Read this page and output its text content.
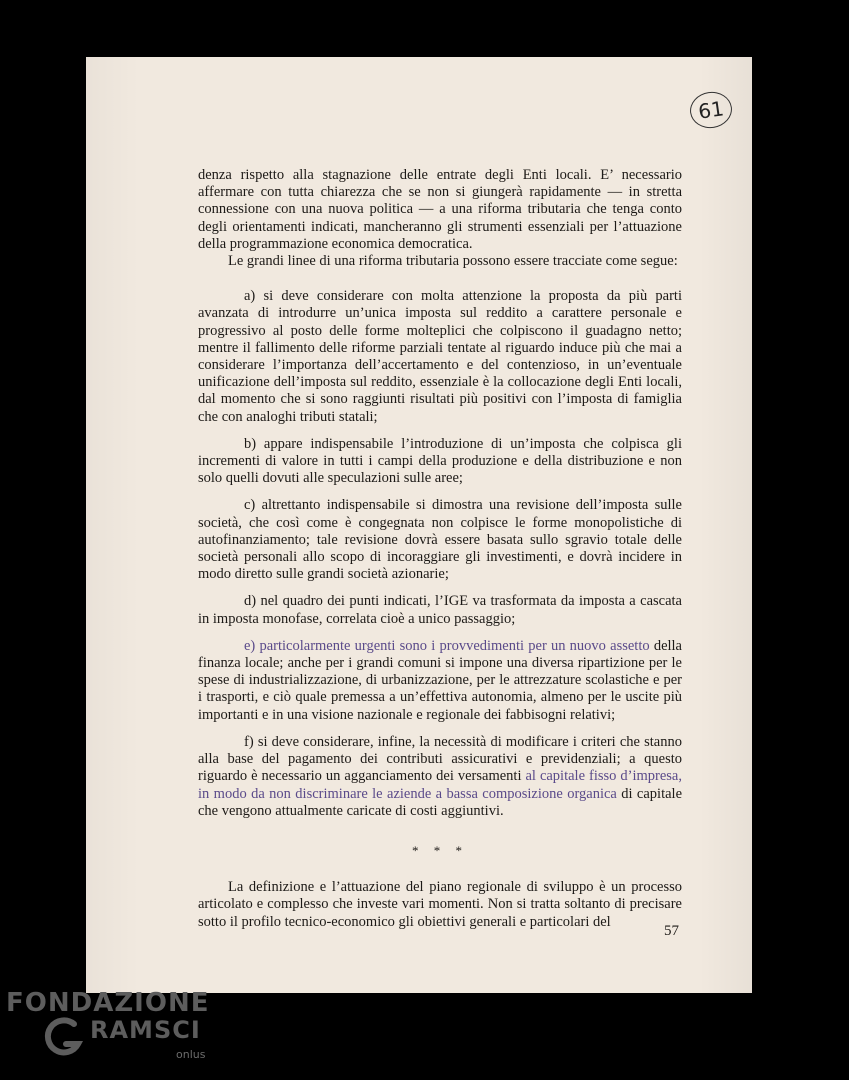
61

denza rispetto alla stagnazione delle entrate degli Enti locali. E’ necessario affermare con tutta chiarezza che se non si giungerà rapidamente — in stretta connessione con una nuova politica — a una riforma tributaria che tenga conto degli orientamenti indicati, mancheranno gli strumenti essenziali per l’attuazione della programmazione economica democratica.

Le grandi linee di una riforma tributaria possono essere tracciate come segue:

a) si deve considerare con molta attenzione la proposta da più parti avanzata di introdurre un’unica imposta sul reddito a carattere personale e progressivo al posto delle forme molteplici che colpiscono il guadagno netto; mentre il fallimento delle riforme parziali tentate al riguardo induce più che mai a considerare l’importanza dell’accertamento e del contenzioso, in un’eventuale unificazione dell’imposta sul reddito, essenziale è la collocazione degli Enti locali, dal momento che si sono raggiunti risultati più positivi con l’imposta di famiglia che con analoghi tributi statali;

b) appare indispensabile l’introduzione di un’imposta che colpisca gli incrementi di valore in tutti i campi della produzione e della distribuzione e non solo quelli dovuti alle speculazioni sulle aree;

c) altrettanto indispensabile si dimostra una revisione dell’imposta sulle società, che così come è congegnata non colpisce le forme monopolistiche di autofinanziamento; tale revisione dovrà essere basata sullo sgravio totale delle società personali allo scopo di incoraggiare gli investimenti, e dovrà incidere in modo diretto sulle grandi società azionarie;

d) nel quadro dei punti indicati, l’IGE va trasformata da imposta a cascata in imposta monofase, correlata cioè a unico passaggio;

e) particolarmente urgenti sono i provvedimenti per un nuovo assetto della finanza locale; anche per i grandi comuni si impone una diversa ripartizione per le spese di industrializzazione, di urbanizzazione, per le attrezzature scolastiche e per i trasporti, e ciò quale premessa a un’effettiva autonomia, almeno per le uscite più importanti e in una visione nazionale e regionale dei fabbisogni relativi;

f) si deve considerare, infine, la necessità di modificare i criteri che stanno alla base del pagamento dei contributi assicurativi e previdenziali; a questo riguardo è necessario un agganciamento dei versamenti al capitale fisso d’impresa, in modo da non discriminare le aziende a bassa composizione organica di capitale che vengono attualmente caricate di costi aggiuntivi.

* * *

La definizione e l’attuazione del piano regionale di sviluppo è un processo articolato e complesso che investe vari momenti. Non si tratta soltanto di precisare sotto il profilo tecnico-economico gli obiettivi generali e particolari del

57
FONDAZIONE
RAMSCI
onlus
